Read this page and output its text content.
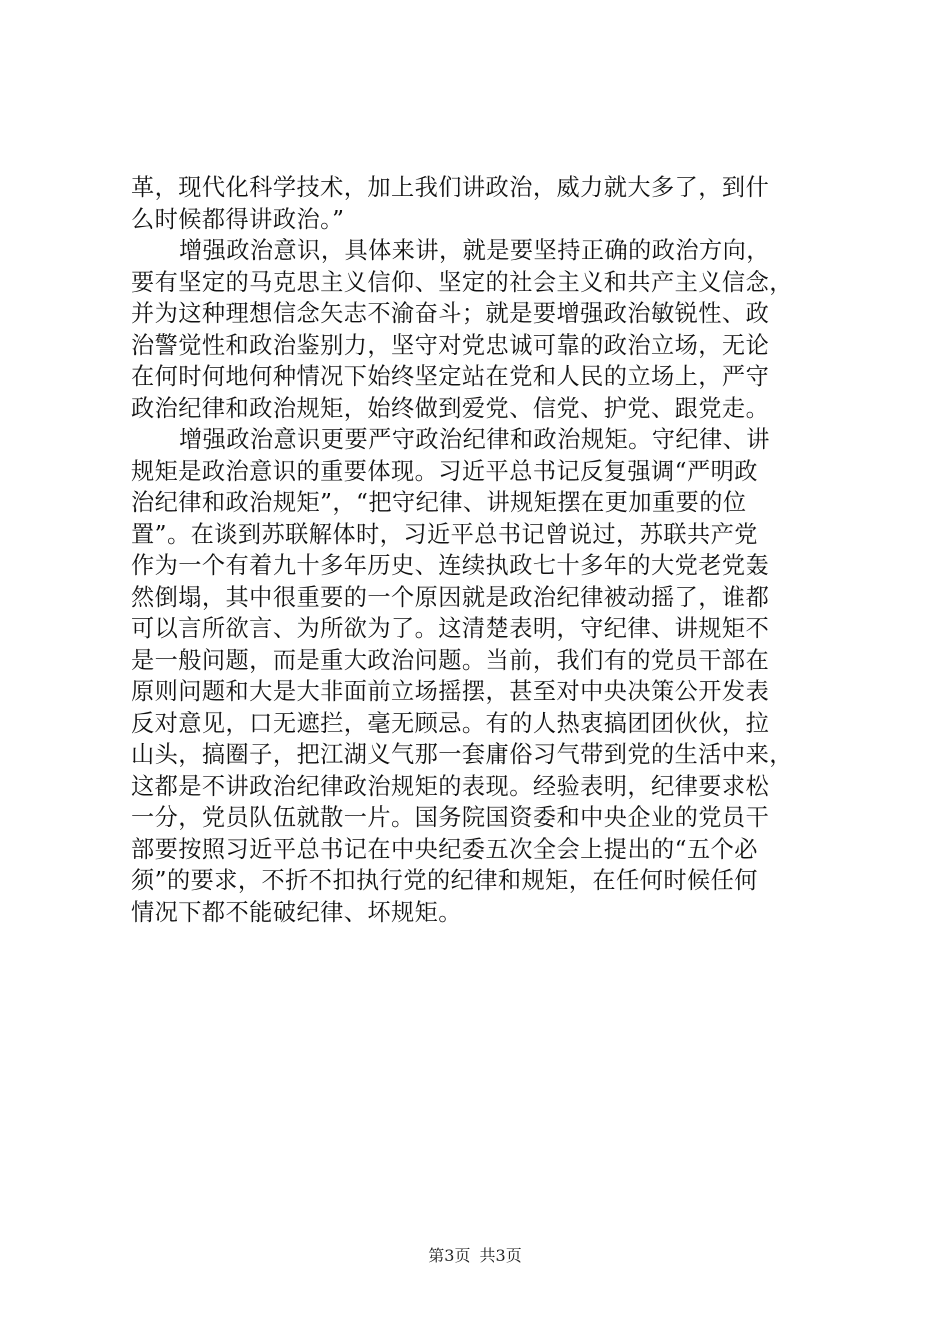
革，现代化科学技术，加上我们讲政治，威力就大多了，到什
么时候都得讲政治。”
增强政治意识，具体来讲，就是要坚持正确的政治方向，
要有坚定的马克思主义信仰、坚定的社会主义和共产主义信念，
并为这种理想信念矢志不渝奋斗；就是要增强政治敏锐性、政
治警觉性和政治鉴别力，坚守对党忠诚可靠的政治立场，无论
在何时何地何种情况下始终坚定站在党和人民的立场上，严守
政治纪律和政治规矩，始终做到爱党、信党、护党、跟党走。
增强政治意识更要严守政治纪律和政治规矩。守纪律、讲
规矩是政治意识的重要体现。习近平总书记反复强调“严明政
治纪律和政治规矩”，“把守纪律、讲规矩摆在更加重要的位
置”。在谈到苏联解体时，习近平总书记曾说过，苏联共产党
作为一个有着九十多年历史、连续执政七十多年的大党老党轰
然倒塌，其中很重要的一个原因就是政治纪律被动摇了，谁都
可以言所欲言、为所欲为了。这清楚表明，守纪律、讲规矩不
是一般问题，而是重大政治问题。当前，我们有的党员干部在
原则问题和大是大非面前立场摇摆，甚至对中央决策公开发表
反对意见，口无遮拦，毫无顾忌。有的人热衷搞团团伙伙，拉
山头，搞圈子，把江湖义气那一套庸俗习气带到党的生活中来，
这都是不讲政治纪律政治规矩的表现。经验表明，纪律要求松
一分，党员队伍就散一片。国务院国资委和中央企业的党员干
部要按照习近平总书记在中央纪委五次全会上提出的“五个必
须”的要求，不折不扣执行党的纪律和规矩，在任何时候任何
情况下都不能破纪律、坏规矩。
第3页 共3页
